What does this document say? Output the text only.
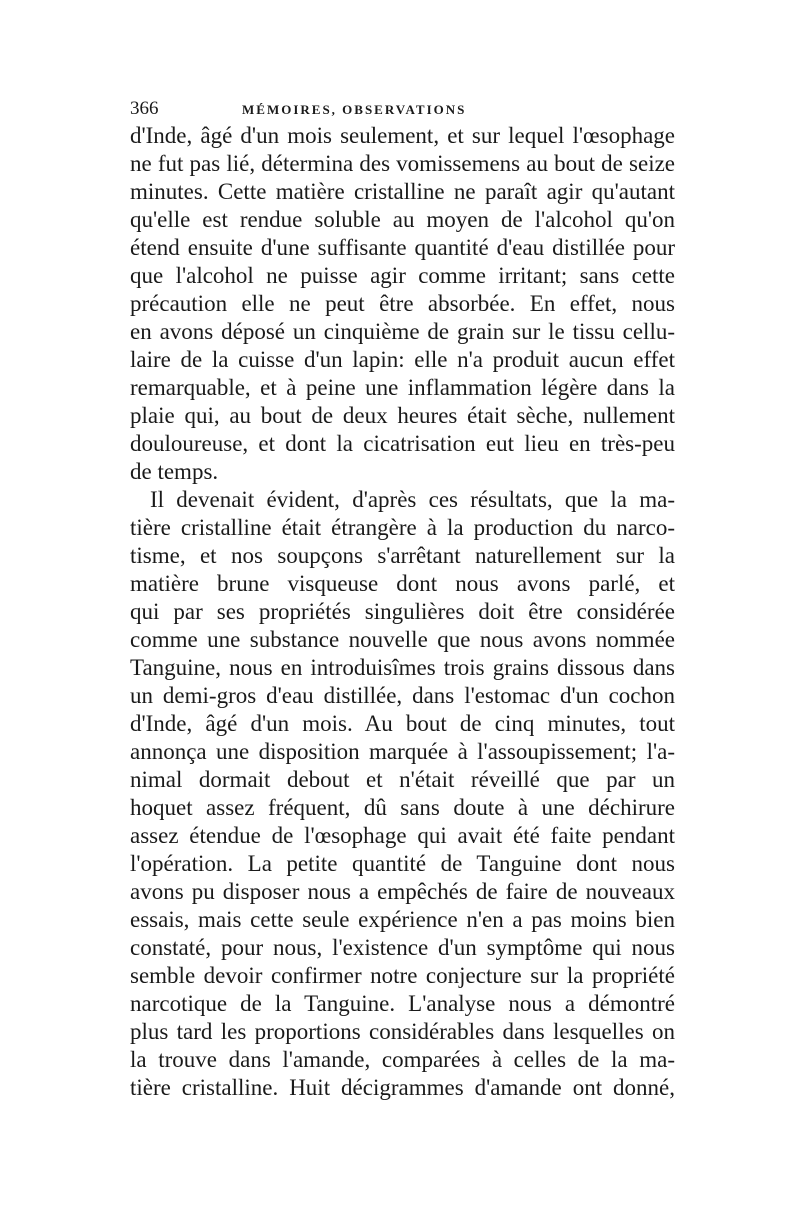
366	MÉMOIRES, OBSERVATIONS
d'Inde, âgé d'un mois seulement, et sur lequel l'œsophage
ne fut pas lié, détermina des vomissemens au bout de seize
minutes. Cette matière cristalline ne paraît agir qu'autant
qu'elle est rendue soluble au moyen de l'alcohol qu'on
étend ensuite d'une suffisante quantité d'eau distillée pour
que l'alcohol ne puisse agir comme irritant; sans cette
précaution elle ne peut être absorbée. En effet, nous
en avons déposé un cinquième de grain sur le tissu cellu-
laire de la cuisse d'un lapin: elle n'a produit aucun effet
remarquable, et à peine une inflammation légère dans la
plaie qui, au bout de deux heures était sèche, nullement
douloureuse, et dont la cicatrisation eut lieu en très-peu
de temps.
Il devenait évident, d'après ces résultats, que la ma-
tière cristalline était étrangère à la production du narco-
tisme, et nos soupçons s'arrêtant naturellement sur la
matière brune visqueuse dont nous avons parlé, et
qui par ses propriétés singulières doit être considérée
comme une substance nouvelle que nous avons nommée
Tanguine, nous en introduisîmes trois grains dissous dans
un demi-gros d'eau distillée, dans l'estomac d'un cochon
d'Inde, âgé d'un mois. Au bout de cinq minutes, tout
annonça une disposition marquée à l'assoupissement; l'a-
nimal dormait debout et n'était réveillé que par un
hoquet assez fréquent, dû sans doute à une déchirure
assez étendue de l'œsophage qui avait été faite pendant
l'opération. La petite quantité de Tanguine dont nous
avons pu disposer nous a empêchés de faire de nouveaux
essais, mais cette seule expérience n'en a pas moins bien
constaté, pour nous, l'existence d'un symptôme qui nous
semble devoir confirmer notre conjecture sur la propriété
narcotique de la Tanguine. L'analyse nous a démontré
plus tard les proportions considérables dans lesquelles on
la trouve dans l'amande, comparées à celles de la ma-
tière cristalline. Huit décigrammes d'amande ont donné,
